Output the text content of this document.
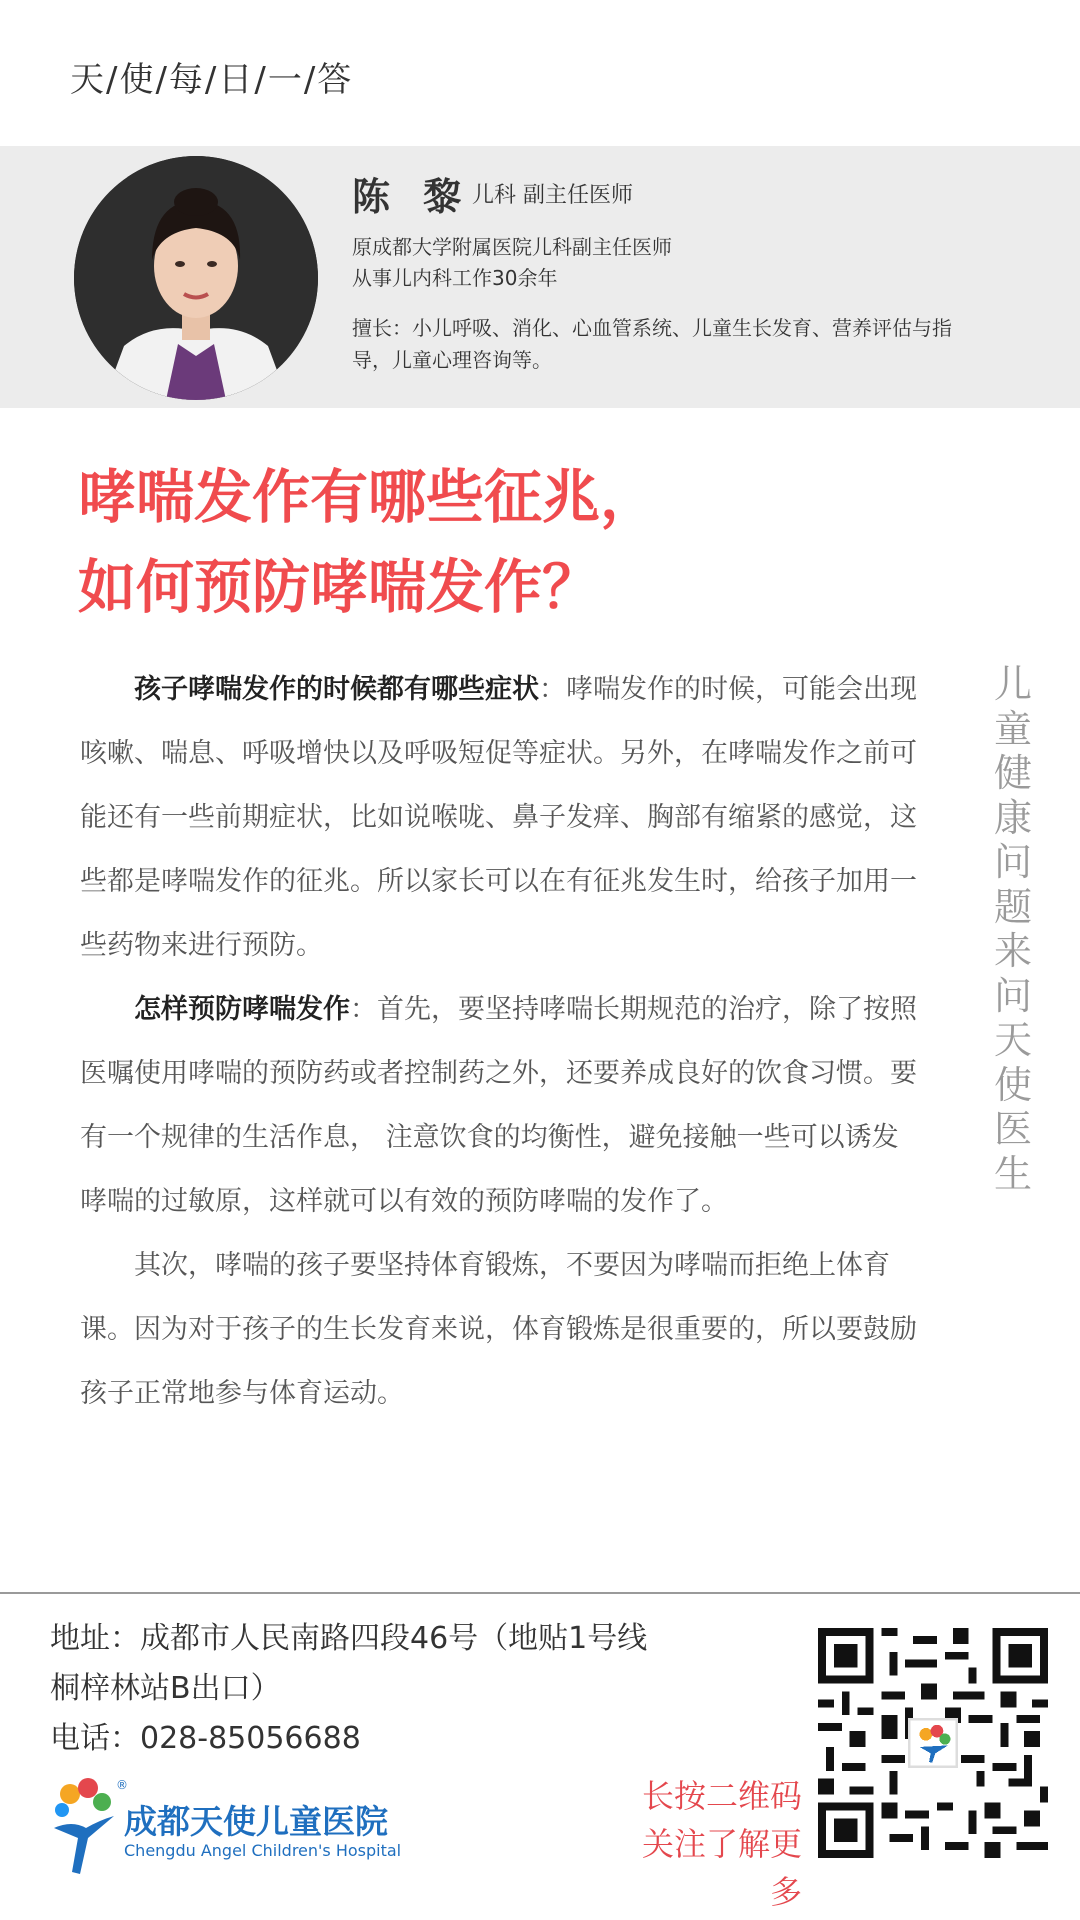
天/使/每/日/一/答
陈 黎 儿科 副主任医师
原成都大学附属医院儿科副主任医师
从事儿内科工作30余年
擅长：小儿呼吸、消化、心血管系统、儿童生长发育、营养评估与指导，儿童心理咨询等。
哮喘发作有哪些征兆，
如何预防哮喘发作？

孩子哮喘发作的时候都有哪些症状：哮喘发作的时候，可能会出现咳嗽、喘息、呼吸增快以及呼吸短促等症状。另外，在哮喘发作之前可能还有一些前期症状，比如说喉咙、鼻子发痒、胸部有缩紧的感觉，这些都是哮喘发作的征兆。所以家长可以在有征兆发生时，给孩子加用一些药物来进行预防。

怎样预防哮喘发作：首先，要坚持哮喘长期规范的治疗，除了按照医嘱使用哮喘的预防药或者控制药之外，还要养成良好的饮食习惯。要有一个规律的生活作息， 注意饮食的均衡性，避免接触一些可以诱发哮喘的过敏原，这样就可以有效的预防哮喘的发作了。

其次，哮喘的孩子要坚持体育锻炼，不要因为哮喘而拒绝上体育课。因为对于孩子的生长发育来说，体育锻炼是很重要的，所以要鼓励孩子正常地参与体育运动。

儿童健康问题 来问天使医生
地址：成都市人民南路四段46号（地贴1号线
桐梓林站B出口）
电话：028-85056688
®
成都天使儿童医院
Chengdu Angel Children's Hospital
长按二维码
关注了解更多
